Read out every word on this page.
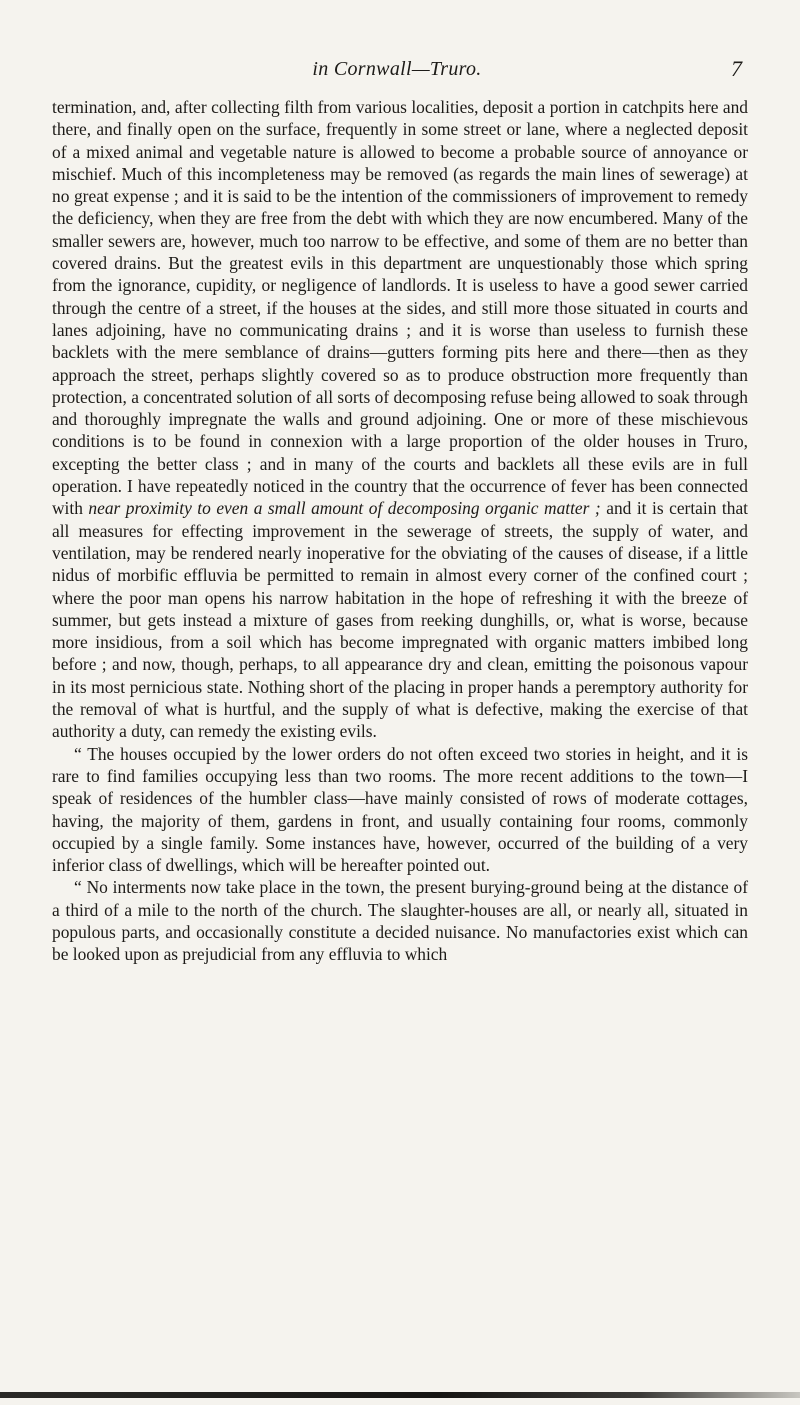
in Cornwall—Truro.	7

termination, and, after collecting filth from various localities, deposit a portion in catchpits here and there, and finally open on the surface, frequently in some street or lane, where a neglected deposit of a mixed animal and vegetable nature is allowed to become a probable source of annoyance or mischief. Much of this incompleteness may be removed (as regards the main lines of sewerage) at no great expense ; and it is said to be the intention of the commissioners of improvement to remedy the deficiency, when they are free from the debt with which they are now encumbered. Many of the smaller sewers are, however, much too narrow to be effective, and some of them are no better than covered drains. But the greatest evils in this department are unquestionably those which spring from the ignorance, cupidity, or negligence of landlords. It is useless to have a good sewer carried through the centre of a street, if the houses at the sides, and still more those situated in courts and lanes adjoining, have no communicating drains ; and it is worse than useless to furnish these backlets with the mere semblance of drains—gutters forming pits here and there—then as they approach the street, perhaps slightly covered so as to produce obstruction more frequently than protection, a concentrated solution of all sorts of decomposing refuse being allowed to soak through and thoroughly impregnate the walls and ground adjoining. One or more of these mischievous conditions is to be found in connexion with a large proportion of the older houses in Truro, excepting the better class ; and in many of the courts and backlets all these evils are in full operation. I have repeatedly noticed in the country that the occurrence of fever has been connected with near proximity to even a small amount of decomposing organic matter ; and it is certain that all measures for effecting improvement in the sewerage of streets, the supply of water, and ventilation, may be rendered nearly inoperative for the obviating of the causes of disease, if a little nidus of morbific effluvia be permitted to remain in almost every corner of the confined court ; where the poor man opens his narrow habitation in the hope of refreshing it with the breeze of summer, but gets instead a mixture of gases from reeking dunghills, or, what is worse, because more insidious, from a soil which has become impregnated with organic matters imbibed long before ; and now, though, perhaps, to all appearance dry and clean, emitting the poisonous vapour in its most pernicious state. Nothing short of the placing in proper hands a peremptory authority for the removal of what is hurtful, and the supply of what is defective, making the exercise of that authority a duty, can remedy the existing evils.

“ The houses occupied by the lower orders do not often exceed two stories in height, and it is rare to find families occupying less than two rooms. The more recent additions to the town—I speak of residences of the humbler class—have mainly consisted of rows of moderate cottages, having, the majority of them, gardens in front, and usually containing four rooms, commonly occupied by a single family. Some instances have, however, occurred of the building of a very inferior class of dwellings, which will be hereafter pointed out.

“ No interments now take place in the town, the present burying-ground being at the distance of a third of a mile to the north of the church. The slaughter-houses are all, or nearly all, situated in populous parts, and occasionally constitute a decided nuisance. No manufactories exist which can be looked upon as prejudicial from any effluvia to which
